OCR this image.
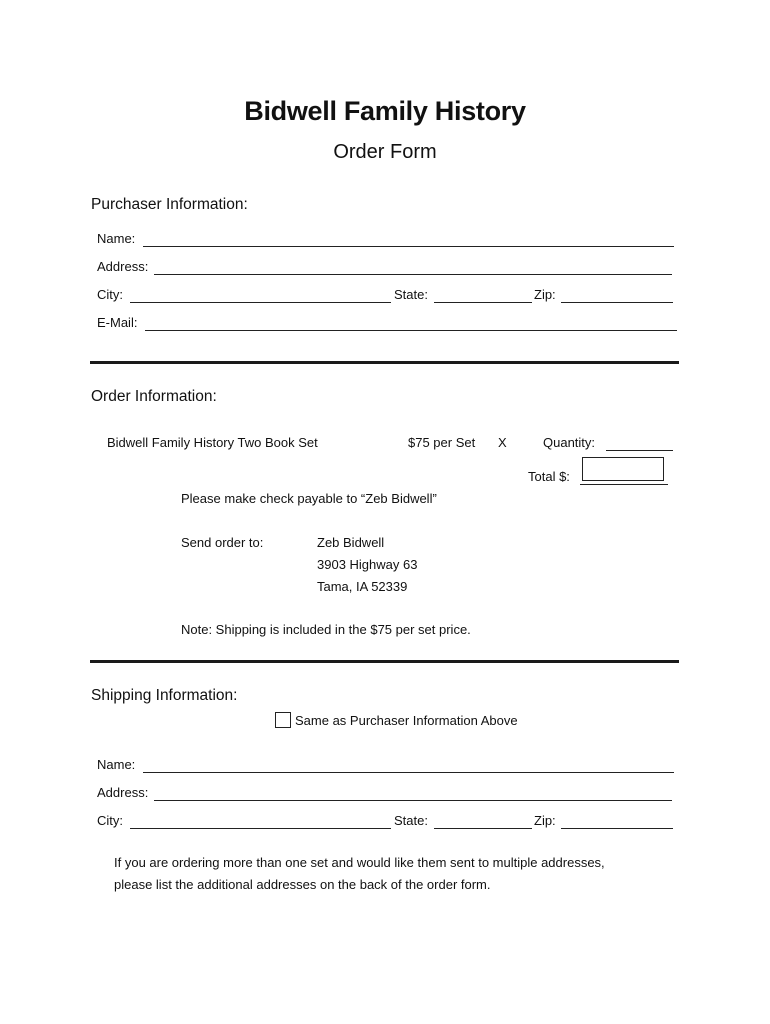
Bidwell Family History
Order Form
Purchaser Information:
Name:
Address:
City:	State:	Zip:
E-Mail:
Order Information:
Bidwell Family History Two Book Set	$75 per Set X	Quantity:
Total $:
Please make check payable to “Zeb Bidwell”
Send order to:	Zeb Bidwell
3903 Highway 63
Tama, IA 52339
Note: Shipping is included in the $75 per set price.
Shipping Information:
Same as Purchaser Information Above
Name:
Address:
City:	State:	Zip:
If you are ordering more than one set and would like them sent to multiple addresses,
please list the additional addresses on the back of the order form.
